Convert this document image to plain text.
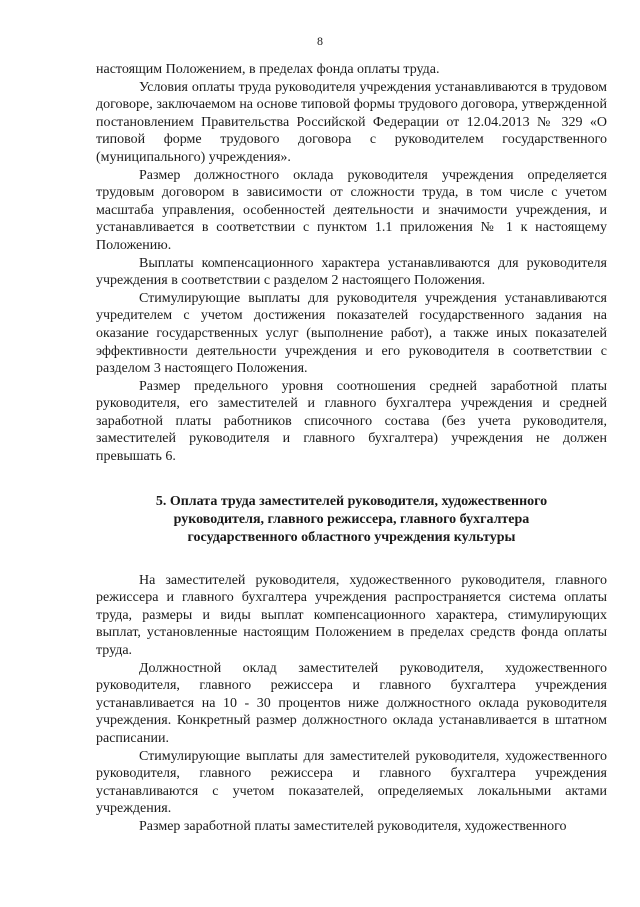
8

настоящим Положением, в пределах фонда оплаты труда.

Условия оплаты труда руководителя учреждения устанавливаются в трудовом договоре, заключаемом на основе типовой формы трудового договора, утвержденной постановлением Правительства Российской Федерации от 12.04.2013 № 329 «О типовой форме трудового договора с руководителем государственного (муниципального) учреждения».

Размер должностного оклада руководителя учреждения определяется трудовым договором в зависимости от сложности труда, в том числе с учетом масштаба управления, особенностей деятельности и значимости учреждения, и устанавливается в соответствии с пунктом 1.1 приложения № 1 к настоящему Положению.

Выплаты компенсационного характера устанавливаются для руководителя учреждения в соответствии с разделом 2 настоящего Положения.

Стимулирующие выплаты для руководителя учреждения устанавливаются учредителем с учетом достижения показателей государственного задания на оказание государственных услуг (выполнение работ), а также иных показателей эффективности деятельности учреждения и его руководителя в соответствии с разделом 3 настоящего Положения.

Размер предельного уровня соотношения средней заработной платы руководителя, его заместителей и главного бухгалтера учреждения и средней заработной платы работников списочного состава (без учета руководителя, заместителей руководителя и главного бухгалтера) учреждения не должен превышать 6.

5. Оплата труда заместителей руководителя, художественного
руководителя, главного режиссера, главного бухгалтера
государственного областного учреждения культуры

На заместителей руководителя, художественного руководителя, главного режиссера и главного бухгалтера учреждения распространяется система оплаты труда, размеры и виды выплат компенсационного характера, стимулирующих выплат, установленные настоящим Положением в пределах средств фонда оплаты труда.

Должностной оклад заместителей руководителя, художественного руководителя, главного режиссера и главного бухгалтера учреждения устанавливается на 10 - 30 процентов ниже должностного оклада руководителя учреждения. Конкретный размер должностного оклада устанавливается в штатном расписании.

Стимулирующие выплаты для заместителей руководителя, художественного руководителя, главного режиссера и главного бухгалтера учреждения устанавливаются с учетом показателей, определяемых локальными актами учреждения.

Размер заработной платы заместителей руководителя, художественного
